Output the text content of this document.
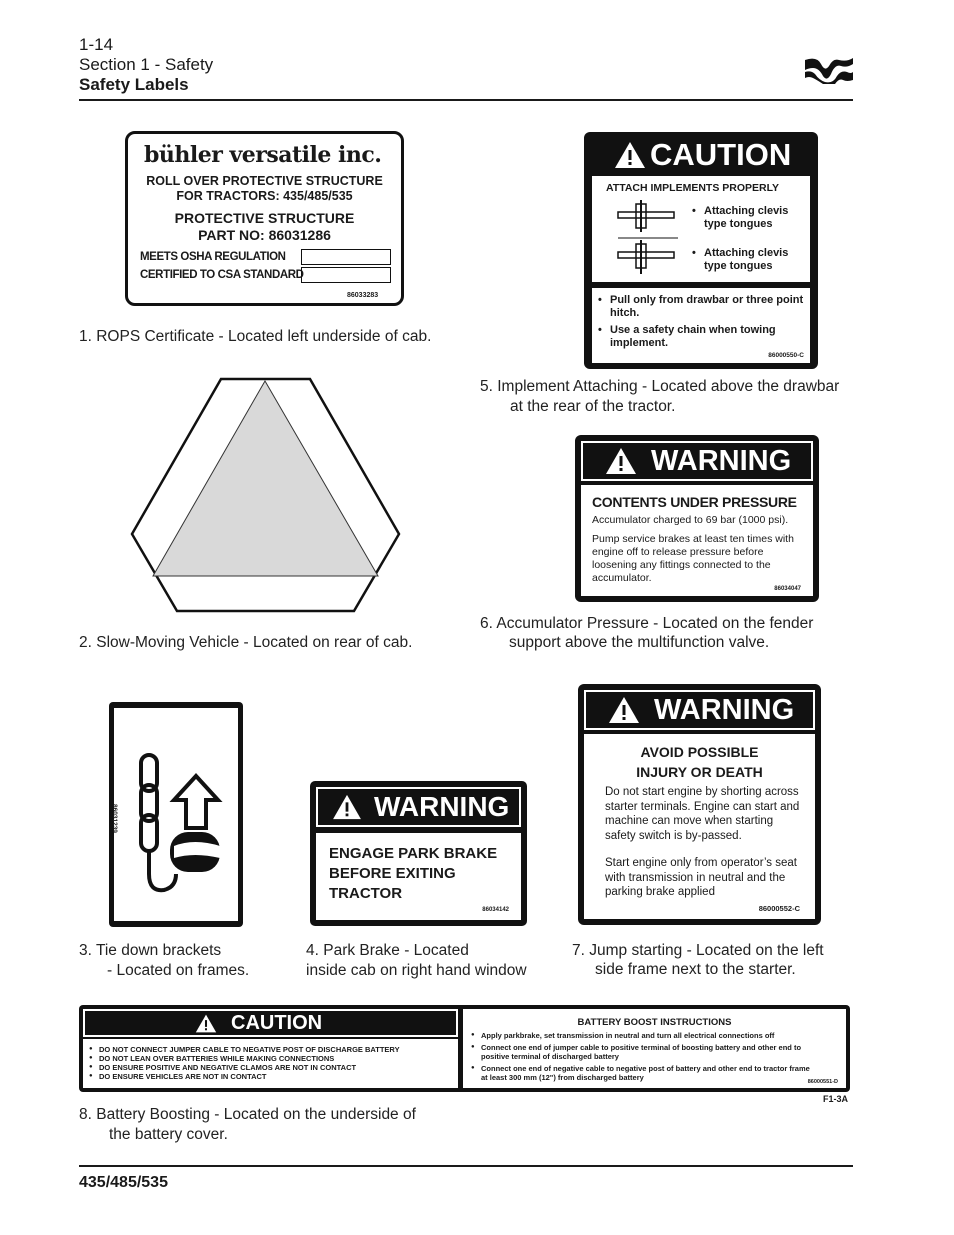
1-14
Section 1 - Safety
Safety Labels
bühler versatile inc.
ROLL OVER PROTECTIVE STRUCTURE
FOR TRACTORS: 435/485/535
PROTECTIVE STRUCTURE
PART NO: 86031286
MEETS OSHA REGULATION
CERTIFIED TO CSA STANDARD
86033283
1. ROPS Certificate - Located left underside of cab.
2. Slow-Moving Vehicle - Located on rear of cab.
CAUTION
ATTACH IMPLEMENTS PROPERLY
• Attaching clevis type tongues
• Attaching clevis type tongues
• Pull only from drawbar or three point hitch.
• Use a safety chain when towing implement.
86000550-C
5. Implement Attaching - Located above the drawbar
at the rear of the tractor.
WARNING
CONTENTS UNDER PRESSURE
Accumulator charged to 69 bar (1000 psi).
Pump service brakes at least ten times with engine off to release pressure before loosening any fittings connected to the accumulator.
86034047
6. Accumulator Pressure - Located on the fender
support above the multifunction valve.
86031239
3. Tie down brackets
- Located on frames.
WARNING
ENGAGE PARK BRAKE
BEFORE EXITING
TRACTOR
86034142
4. Park Brake - Located
inside cab on right hand window
WARNING
AVOID POSSIBLE
INJURY OR DEATH
Do not start engine by shorting across starter terminals. Engine can start and machine can move when starting safety switch is by-passed.
Start engine only from operator’s seat with transmission in neutral and the parking brake applied
86000552-C
7. Jump starting - Located on the left
side frame next to the starter.
CAUTION
● DO NOT CONNECT JUMPER CABLE TO NEGATIVE POST OF DISCHARGE BATTERY
● DO NOT LEAN OVER BATTERIES WHILE MAKING CONNECTIONS
● DO ENSURE POSITIVE AND NEGATIVE CLAMOS ARE NOT IN CONTACT
● DO ENSURE VEHICLES ARE NOT IN CONTACT
BATTERY BOOST INSTRUCTIONS
● Apply parkbrake, set transmission in neutral and turn all electrical connections off
● Connect one end of jumper cable to positive terminal of boosting battery and other end to positive terminal of discharged battery
● Connect one end of negative cable to negative post of battery and other end to tractor frame at least 300 mm (12") from discharged battery	86000551-D
F1-3A
8. Battery Boosting - Located on the underside of
the battery cover.
435/485/535
